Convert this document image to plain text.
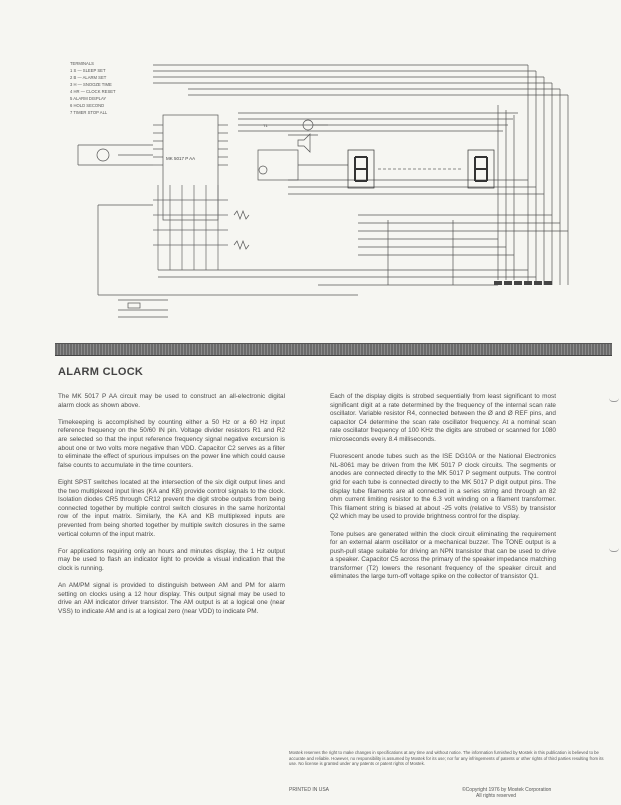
MK 5017 P AA
T1
TERMINALS
1 S — SLEEP SET
2 B — ALARM SET
3 H — SNOOZE TIME
4 HR — CLOCK RESET
5 ALARM DISPLAY
6 HOLD SECOND
7 TIMER STOP ALL
ALARM CLOCK

The MK 5017 P AA circuit may be used to construct an all-electronic digital alarm clock as shown above.

Timekeeping is accomplished by counting either a 50 Hz or a 60 Hz input reference frequency on the 50/60 IN pin. Voltage divider resistors R1 and R2 are selected so that the input reference frequency signal negative excursion is about one or two volts more negative than VDD. Capacitor C2 serves as a filter to eliminate the effect of spurious impulses on the power line which could cause false counts to accumulate in the time counters.

Eight SPST switches located at the intersection of the six digit output lines and the two multiplexed input lines (KA and KB) provide control signals to the clock. Isolation diodes CR5 through CR12 prevent the digit strobe outputs from being connected together by multiple control switch closures in the same horizontal row of the input matrix. Similarly, the KA and KB multiplexed inputs are prevented from being shorted together by multiple switch closures in the same vertical column of the input matrix.

For applications requiring only an hours and minutes display, the 1 Hz output may be used to flash an indicator light to provide a visual indication that the clock is running.

An AM/PM signal is provided to distinguish between AM and PM for alarm setting on clocks using a 12 hour display. This output signal may be used to drive an AM indicator driver transistor. The AM output is at a logical one (near VSS) to indicate AM and is at a logical zero (near VDD) to indicate PM.

Each of the display digits is strobed sequentially from least significant to most significant digit at a rate determined by the frequency of the internal scan rate oscillator. Variable resistor R4, connected between the Ø and Ø REF pins, and capacitor C4 determine the scan rate oscillator frequency. At a nominal scan rate oscillator frequency of 100 KHz the digits are strobed or scanned for 1080 microseconds every 8.4 milliseconds.

Fluorescent anode tubes such as the ISE DG10A or the National Electronics NL-8061 may be driven from the MK 5017 P clock circuits. The segments or anodes are connected directly to the MK 5017 P segment outputs. The control grid for each tube is connected directly to the MK 5017 P digit output pins. The display tube filaments are all connected in a series string and through an 82 ohm current limiting resistor to the 6.3 volt winding on a filament transformer. This filament string is biased at about -25 volts (relative to VSS) by transistor Q2 which may be used to provide brightness control for the display.

Tone pulses are generated within the clock circuit eliminating the requirement for an external alarm oscillator or a mechanical buzzer. The TONE output is a push-pull stage suitable for driving an NPN transistor that can be used to drive a speaker. Capacitor C5 across the primary of the speaker impedance matching transformer (T2) lowers the resonant frequency of the speaker circuit and eliminates the large turn-off voltage spike on the collector of transistor Q1.

Mostek reserves the right to make changes in specifications at any time and without notice. The information furnished by Mostek in this publication is believed to be accurate and reliable. However, no responsibility is assumed by Mostek for its use; nor for any infringements of patents or other rights of third parties resulting from its use. No license is granted under any patents or patent rights of Mostek.
PRINTED IN USA	©Copyright 1976 by Mostek Corporation
All rights reserved
